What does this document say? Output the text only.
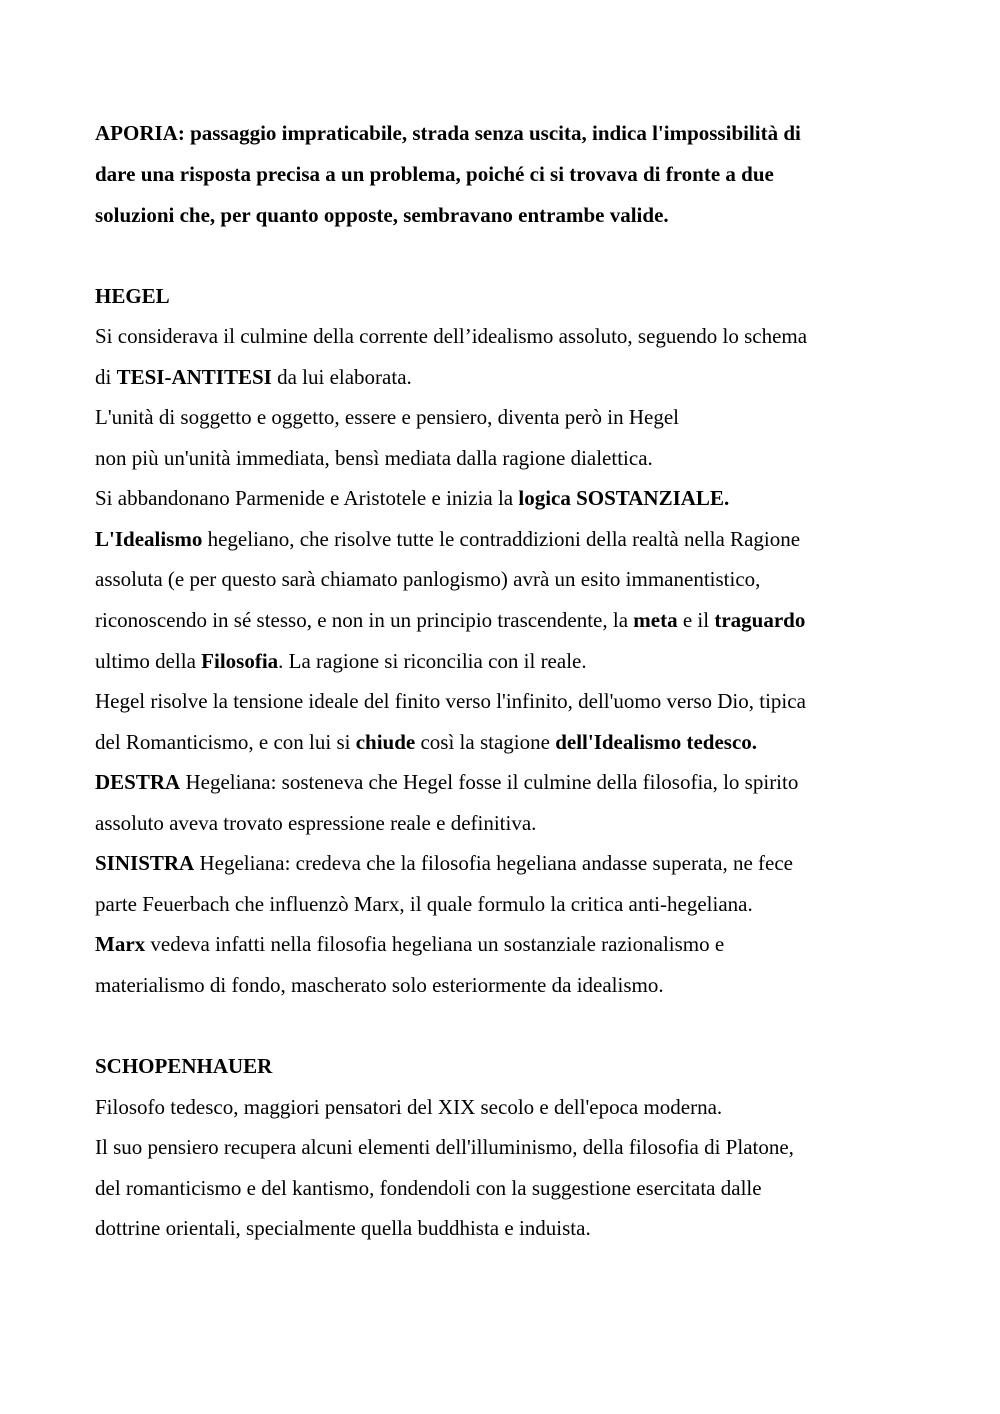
APORIA: passaggio impraticabile, strada senza uscita, indica l'impossibilità di
dare una risposta precisa a un problema, poiché ci si trovava di fronte a due
soluzioni che, per quanto opposte, sembravano entrambe valide.
HEGEL
Si considerava il culmine della corrente dell’idealismo assoluto, seguendo lo schema
di TESI-ANTITESI da lui elaborata.
L'unità di soggetto e oggetto, essere e pensiero, diventa però in Hegel
non più un'unità immediata, bensì mediata dalla ragione dialettica.
Si abbandonano Parmenide e Aristotele e inizia la logica SOSTANZIALE.
L'Idealismo hegeliano, che risolve tutte le contraddizioni della realtà nella Ragione
assoluta (e per questo sarà chiamato panlogismo) avrà un esito immanentistico,
riconoscendo in sé stesso, e non in un principio trascendente, la meta e il traguardo
ultimo della Filosofia. La ragione si riconcilia con il reale.
Hegel risolve la tensione ideale del finito verso l'infinito, dell'uomo verso Dio, tipica
del Romanticismo, e con lui si chiude così la stagione dell'Idealismo tedesco.
DESTRA Hegeliana: sosteneva che Hegel fosse il culmine della filosofia, lo spirito
assoluto aveva trovato espressione reale e definitiva.
SINISTRA Hegeliana: credeva che la filosofia hegeliana andasse superata, ne fece
parte Feuerbach che influenzò Marx, il quale formulo la critica anti-hegeliana.
Marx vedeva infatti nella filosofia hegeliana un sostanziale razionalismo e
materialismo di fondo, mascherato solo esteriormente da idealismo.
SCHOPENHAUER
Filosofo tedesco, maggiori pensatori del XIX secolo e dell'epoca moderna.
Il suo pensiero recupera alcuni elementi dell'illuminismo, della filosofia di Platone,
del romanticismo e del kantismo, fondendoli con la suggestione esercitata dalle
dottrine orientali, specialmente quella buddhista e induista.
